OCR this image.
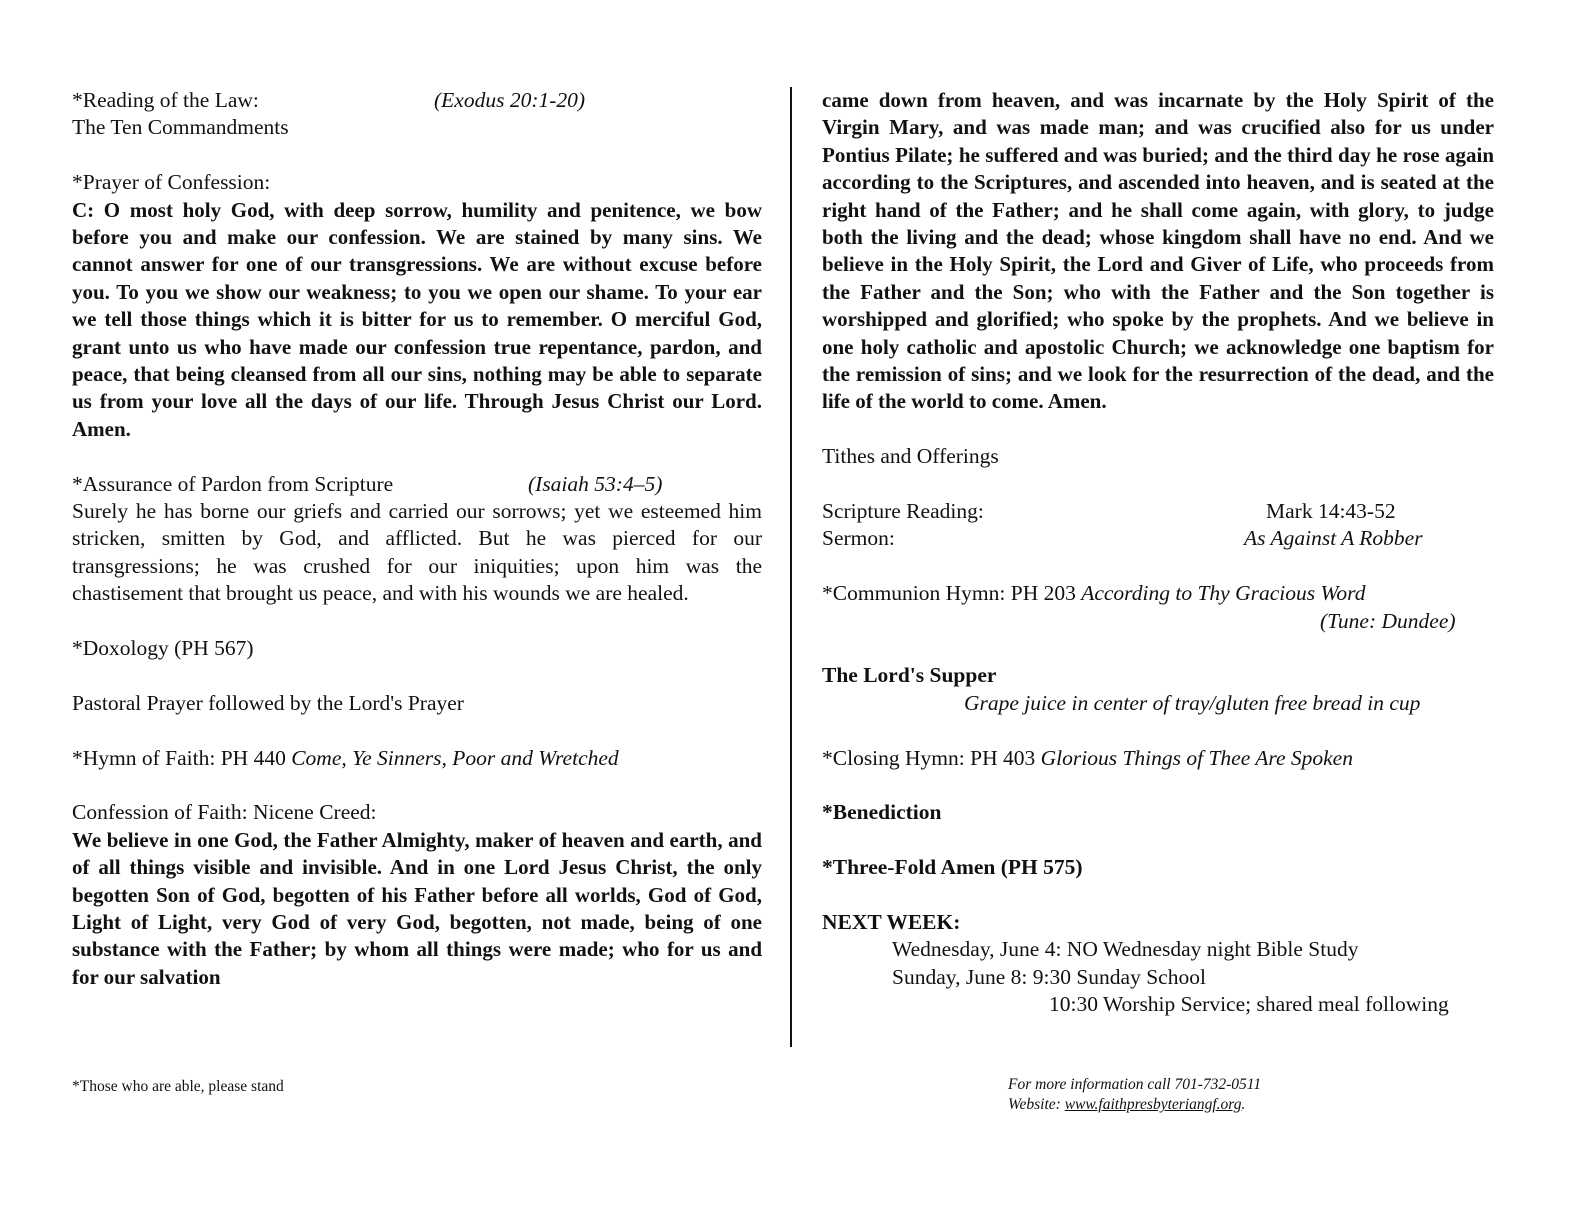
*Reading of the Law:	(Exodus 20:1-20)

The Ten Commandments

*Prayer of Confession:

C: O most holy God, with deep sorrow, humility and penitence, we bow before you and make our confession. We are stained by many sins. We cannot answer for one of our transgressions. We are without excuse before you. To you we show our weakness; to you we open our shame. To your ear we tell those things which it is bitter for us to remember. O merciful God, grant unto us who have made our confession true repentance, pardon, and peace, that being cleansed from all our sins, nothing may be able to separate us from your love all the days of our life. Through Jesus Christ our Lord. Amen.

*Assurance of Pardon from Scripture	(Isaiah 53:4–5)

Surely he has borne our griefs and carried our sorrows; yet we esteemed him stricken, smitten by God, and afflicted. But he was pierced for our transgressions; he was crushed for our iniquities; upon him was the chastisement that brought us peace, and with his wounds we are healed.

*Doxology (PH 567)

Pastoral Prayer followed by the Lord's Prayer

*Hymn of Faith: PH 440 Come, Ye Sinners, Poor and Wretched

Confession of Faith: Nicene Creed:

We believe in one God, the Father Almighty, maker of heaven and earth, and of all things visible and invisible. And in one Lord Jesus Christ, the only begotten Son of God, begotten of his Father before all worlds, God of God, Light of Light, very God of very God, begotten, not made, being of one substance with the Father; by whom all things were made; who for us and for our salvation

came down from heaven, and was incarnate by the Holy Spirit of the Virgin Mary, and was made man; and was crucified also for us under Pontius Pilate; he suffered and was buried; and the third day he rose again according to the Scriptures, and ascended into heaven, and is seated at the right hand of the Father; and he shall come again, with glory, to judge both the living and the dead; whose kingdom shall have no end. And we believe in the Holy Spirit, the Lord and Giver of Life, who proceeds from the Father and the Son; who with the Father and the Son together is worshipped and glorified; who spoke by the prophets. And we believe in one holy catholic and apostolic Church; we acknowledge one baptism for the remission of sins; and we look for the resurrection of the dead, and the life of the world to come. Amen.

Tithes and Offerings

Scripture Reading:	Mark 14:43-52
Sermon:	As Against A Robber

*Communion Hymn: PH 203 According to Thy Gracious Word

(Tune: Dundee)

The Lord's Supper

Grape juice in center of tray/gluten free bread in cup

*Closing Hymn: PH 403 Glorious Things of Thee Are Spoken

*Benediction

*Three-Fold Amen (PH 575)

NEXT WEEK:

Wednesday, June 4: NO Wednesday night Bible Study

Sunday, June 8: 9:30 Sunday School

10:30 Worship Service; shared meal following

*Those who are able, please stand	For more information call 701-732-0511
Website: www.faithpresbyteriangf.org.
